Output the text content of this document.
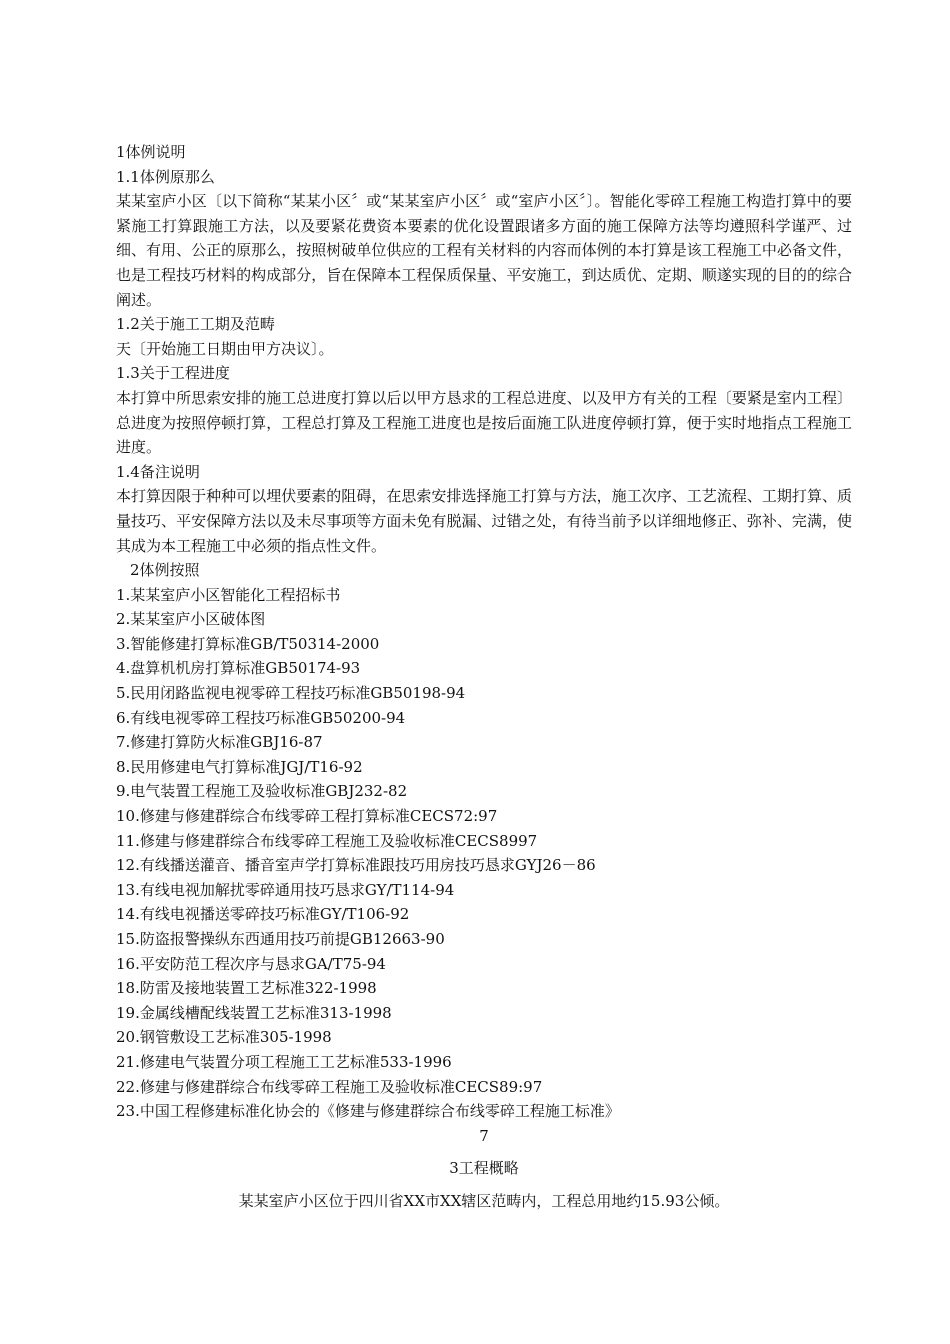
1体例说明
1.1体例原那么
某某室庐小区〔以下简称“某某小区〞或“某某室庐小区〞或“室庐小区〞〕。智能化零碎工程施工构造打算中的要紧施工打算跟施工方法，以及要紧花费资本要素的优化设置跟诸多方面的施工保障方法等均遵照科学谨严、过细、有用、公正的原那么，按照树破单位供应的工程有关材料的内容而体例的本打算是该工程施工中必备文件，也是工程技巧材料的构成部分，旨在保障本工程保质保量、平安施工，到达质优、定期、顺遂实现的目的的综合阐述。
1.2关于施工工期及范畴
天〔开始施工日期由甲方决议〕。
1.3关于工程进度
本打算中所思索安排的施工总进度打算以后以甲方恳求的工程总进度、以及甲方有关的工程〔要紧是室内工程〕总进度为按照停顿打算，工程总打算及工程施工进度也是按后面施工队进度停顿打算，便于实时地指点工程施工进度。
1.4备注说明
本打算因限于种种可以埋伏要素的阻碍，在思索安排选择施工打算与方法，施工次序、工艺流程、工期打算、质量技巧、平安保障方法以及未尽事项等方面未免有脱漏、过错之处，有待当前予以详细地修正、弥补、完满，使其成为本工程施工中必须的指点性文件。
2体例按照
1.某某室庐小区智能化工程招标书
2.某某室庐小区破体图
3.智能修建打算标准GB/T50314-2000
4.盘算机机房打算标准GB50174-93
5.民用闭路监视电视零碎工程技巧标准GB50198-94
6.有线电视零碎工程技巧标准GB50200-94
7.修建打算防火标准GBJ16-87
8.民用修建电气打算标准JGJ/T16-92
9.电气装置工程施工及验收标准GBJ232-82
10.修建与修建群综合布线零碎工程打算标准CECS72:97
11.修建与修建群综合布线零碎工程施工及验收标准CECS8997
12.有线播送灌音、播音室声学打算标准跟技巧用房技巧恳求GYJ26－86
13.有线电视加解扰零碎通用技巧恳求GY/T114-94
14.有线电视播送零碎技巧标准GY/T106-92
15.防盗报警操纵东西通用技巧前提GB12663-90
16.平安防范工程次序与恳求GA/T75-94
18.防雷及接地装置工艺标准322-1998
19.金属线槽配线装置工艺标准313-1998
20.钢管敷设工艺标准305-1998
21.修建电气装置分项工程施工工艺标准533-1996
22.修建与修建群综合布线零碎工程施工及验收标准CECS89:97
23.中国工程修建标准化协会的《修建与修建群综合布线零碎工程施工标准》
7
3工程概略
某某室庐小区位于四川省XX市XX辖区范畴内，工程总用地约15.93公倾。
